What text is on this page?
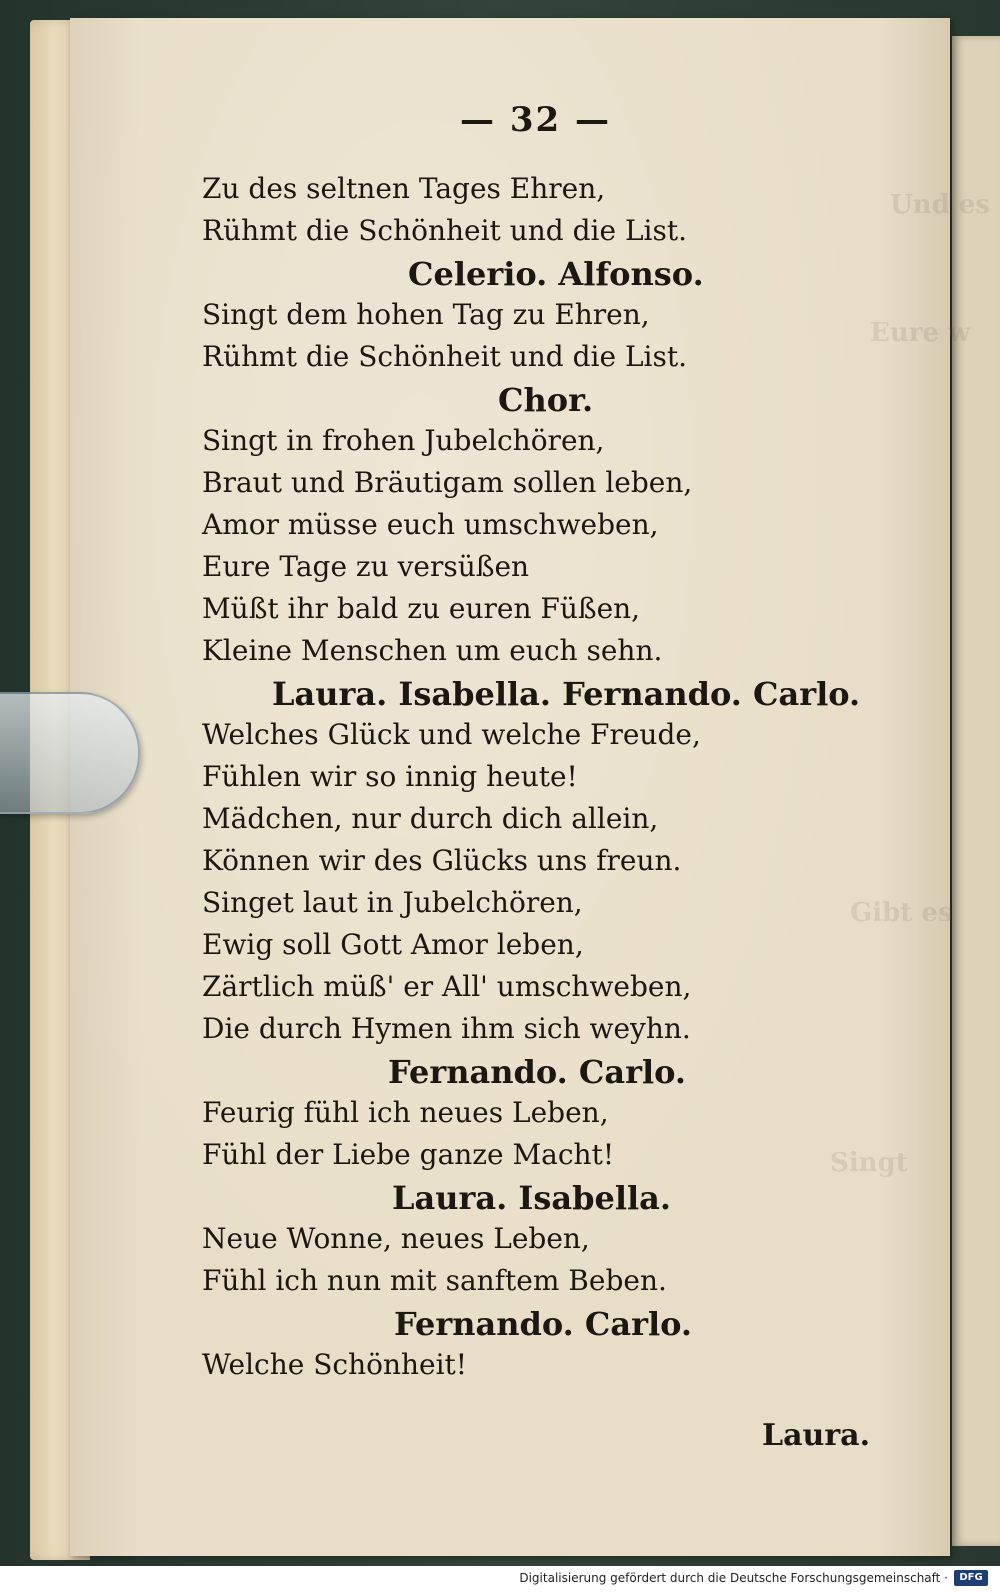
Und es
Eure w
Gibt es
Singt
— 32 —
Zu des seltnen Tages Ehren,
Rühmt die Schönheit und die List.
Celerio. Alfonso.
Singt dem hohen Tag zu Ehren,
Rühmt die Schönheit und die List.
Chor.
Singt in frohen Jubelchören,
Braut und Bräutigam sollen leben,
Amor müsse euch umschweben,
Eure Tage zu versüßen
Müßt ihr bald zu euren Füßen,
Kleine Menschen um euch sehn.
Laura. Isabella. Fernando. Carlo.
Welches Glück und welche Freude,
Fühlen wir so innig heute!
Mädchen, nur durch dich allein,
Können wir des Glücks uns freun.
Singet laut in Jubelchören,
Ewig soll Gott Amor leben,
Zärtlich müß' er All' umschweben,
Die durch Hymen ihm sich weyhn.
Fernando. Carlo.
Feurig fühl ich neues Leben,
Fühl der Liebe ganze Macht!
Laura. Isabella.
Neue Wonne, neues Leben,
Fühl ich nun mit sanftem Beben.
Fernando. Carlo.
Welche Schönheit!
Laura.
Digitalisierung gefördert durch die Deutsche Forschungsgemeinschaft ·	DFG
